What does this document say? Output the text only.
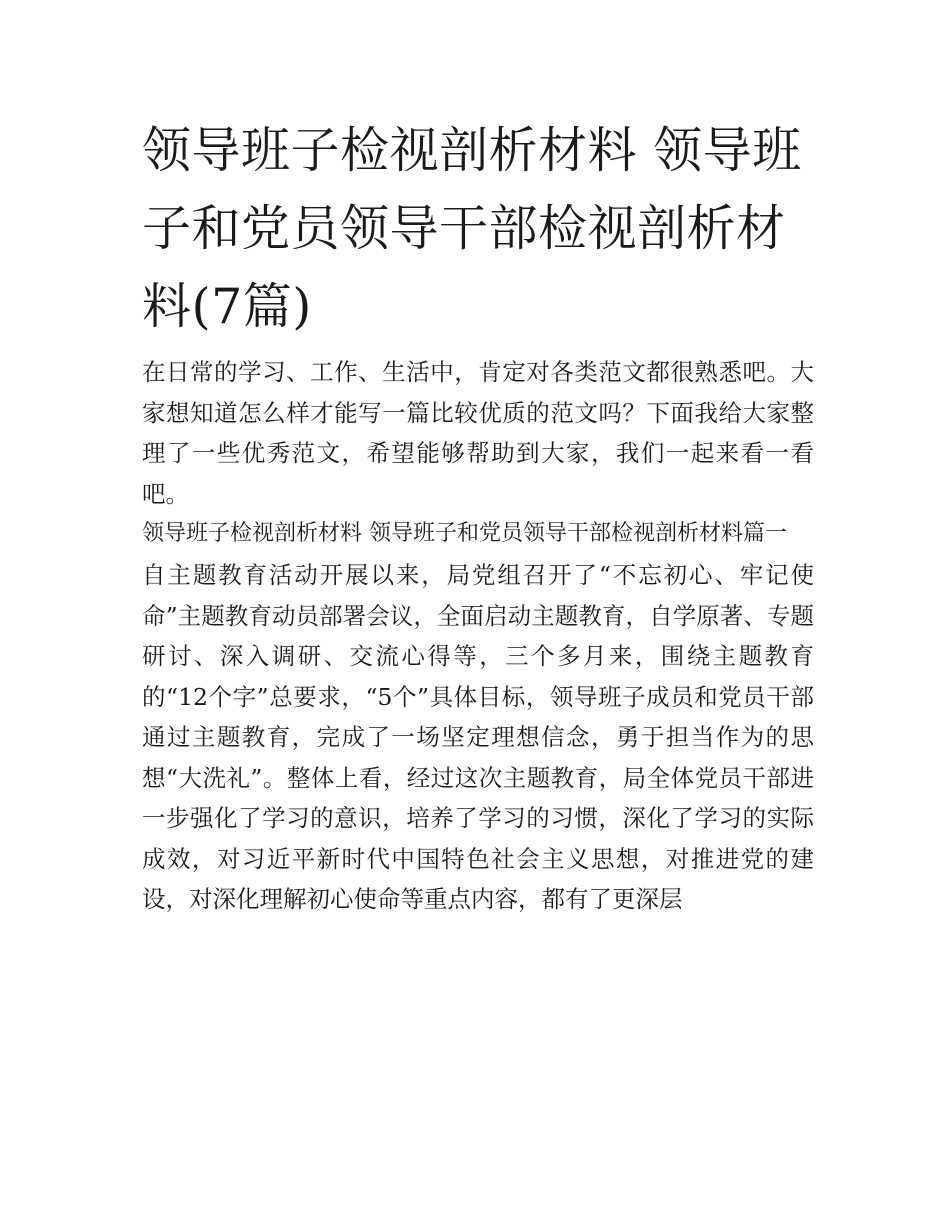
领导班子检视剖析材料 领导班子和党员领导干部检视剖析材料(7篇)

在日常的学习、工作、生活中，肯定对各类范文都很熟悉吧。大家想知道怎么样才能写一篇比较优质的范文吗？下面我给大家整理了一些优秀范文，希望能够帮助到大家，我们一起来看一看吧。

领导班子检视剖析材料 领导班子和党员领导干部检视剖析材料篇一

自主题教育活动开展以来，局党组召开了“不忘初心、牢记使命”主题教育动员部署会议，全面启动主题教育，自学原著、专题研讨、深入调研、交流心得等，三个多月来，围绕主题教育的“12个字”总要求，“5个”具体目标，领导班子成员和党员干部通过主题教育，完成了一场坚定理想信念，勇于担当作为的思想“大洗礼”。整体上看，经过这次主题教育，局全体党员干部进一步强化了学习的意识，培养了学习的习惯，深化了学习的实际成效，对习近平新时代中国特色社会主义思想，对推进党的建设，对深化理解初心使命等重点内容，都有了更深层
